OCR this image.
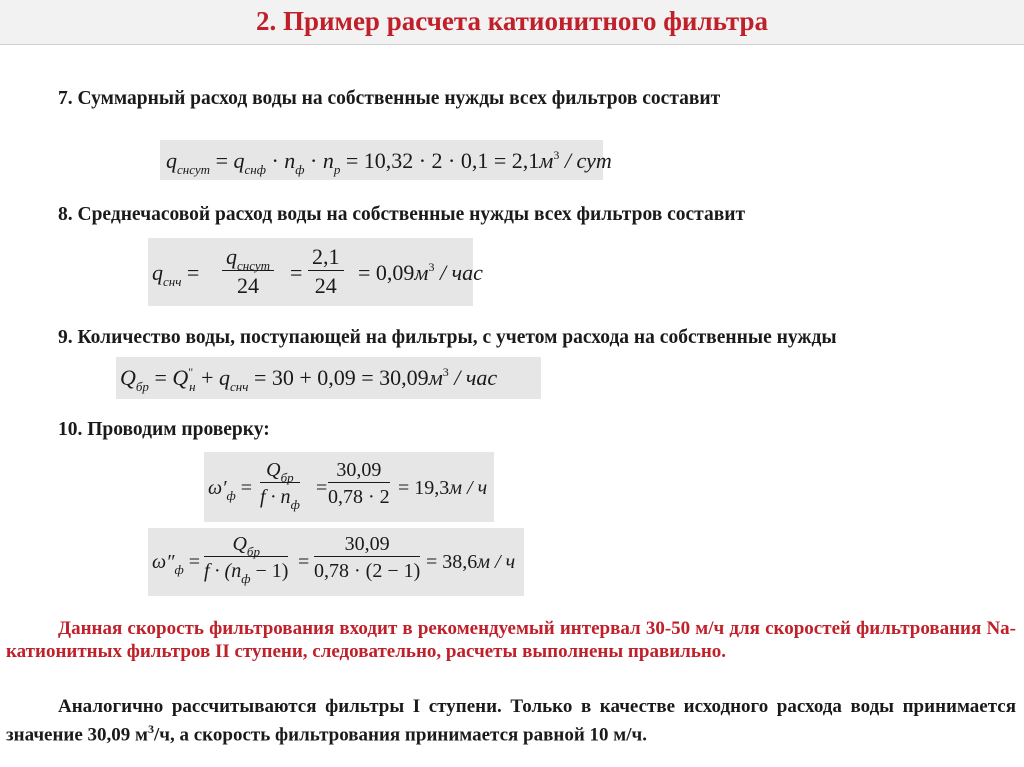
2. Пример расчета катионитного фильтра
7. Суммарный расход воды на собственные нужды всех фильтров составит
$q_{снсут} = q_{снф} \cdot n_ф \cdot n_р = 10,32 \cdot 2 \cdot 0,1 = 2,1м^3$ / сут
8. Среднечасовой расход воды на собственные нужды всех фильтров составит
$q_{снч}$ =
$q_{снсут}$
24
= $\frac{2,1}{24} = 0,09м^3$ / час
9. Количество воды, поступающей на фильтры, с учетом расхода на собственные нужды
$Q_{бр} = Q^"_н + q_{снч} = 30 + 0,09 = 30,09м^3$ / час
10. Проводим проверку:
$\omega'_ф$ =
$Q_{бр}$
$f \cdot n_ф$
= $\frac{30,09}{0,78 \cdot 2} = 19,3м / ч$
$\omega''_ф$ =
$Q_{бр}$
$f \cdot (n_ф - 1) = \frac{30,09}{0,78 \cdot (2 - 1)} = 38,6м / ч$
Данная скорость фильтрования входит в рекомендуемый интервал 30-50 м/ч для скоростей фильтрования Na-катионитных фильтров II ступени, следовательно, расчеты выполнены правильно.
Аналогично рассчитываются фильтры I ступени. Только в качестве исходного расхода воды принимается значение 30,09 $м^3/ч$, а скорость фильтрования принимается равной 10 м/ч.
